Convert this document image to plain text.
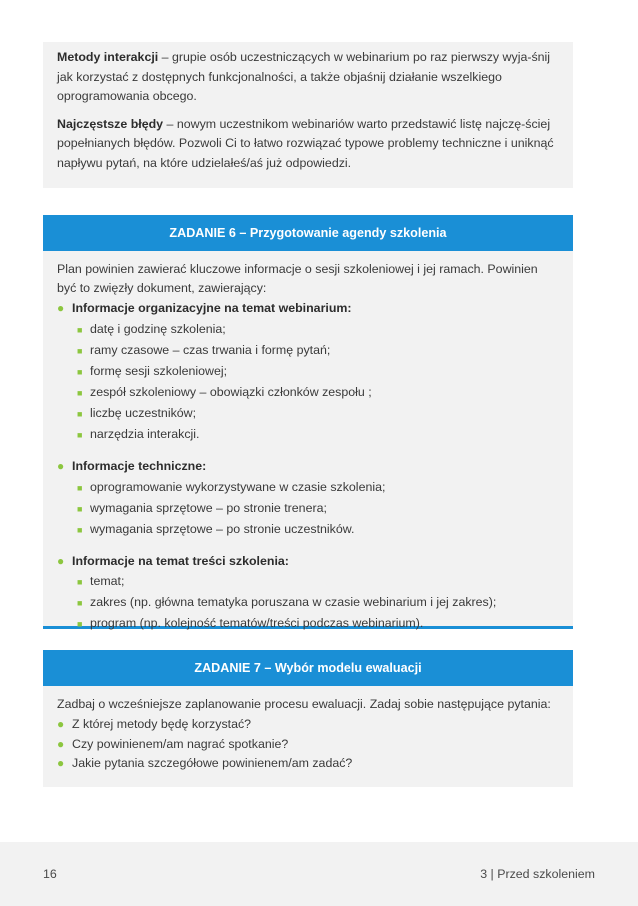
Metody interakcji – grupie osób uczestniczących w webinarium po raz pierwszy wyja-śnij jak korzystać z dostępnych funkcjonalności, a także objaśnij działanie wszelkiego oprogramowania obcego.

Najczęstsze błędy – nowym uczestnikom webinariów warto przedstawić listę najczę-ściej popełnianych błędów. Pozwoli Ci to łatwo rozwiązać typowe problemy techniczne i uniknąć napływu pytań, na które udzielałeś/aś już odpowiedzi.

ZADANIE 6 – Przygotowanie agendy szkolenia

Plan powinien zawierać kluczowe informacje o sesji szkoleniowej i jej ramach. Powinien być to zwięzły dokument, zawierający:

● Informacje organizacyjne na temat webinarium:
■ datę i godzinę szkolenia;
■ ramy czasowe – czas trwania i formę pytań;
■ formę sesji szkoleniowej;
■ zespół szkoleniowy – obowiązki członków zespołu ;
■ liczbę uczestników;
■ narzędzia interakcji.
● Informacje techniczne:
■ oprogramowanie wykorzystywane w czasie szkolenia;
■ wymagania sprzętowe – po stronie trenera;
■ wymagania sprzętowe – po stronie uczestników.
● Informacje na temat treści szkolenia:
■ temat;
■ zakres (np. główna tematyka poruszana w czasie webinarium i jej zakres);
■ program (np. kolejność tematów/treści podczas webinarium).
ZADANIE 7 – Wybór modelu ewaluacji

Zadbaj o wcześniejsze zaplanowanie procesu ewaluacji. Zadaj sobie następujące pytania:

● Z której metody będę korzystać?
● Czy powinienem/am nagrać spotkanie?
● Jakie pytania szczegółowe powinienem/am zadać?
16	3 | Przed szkoleniem
